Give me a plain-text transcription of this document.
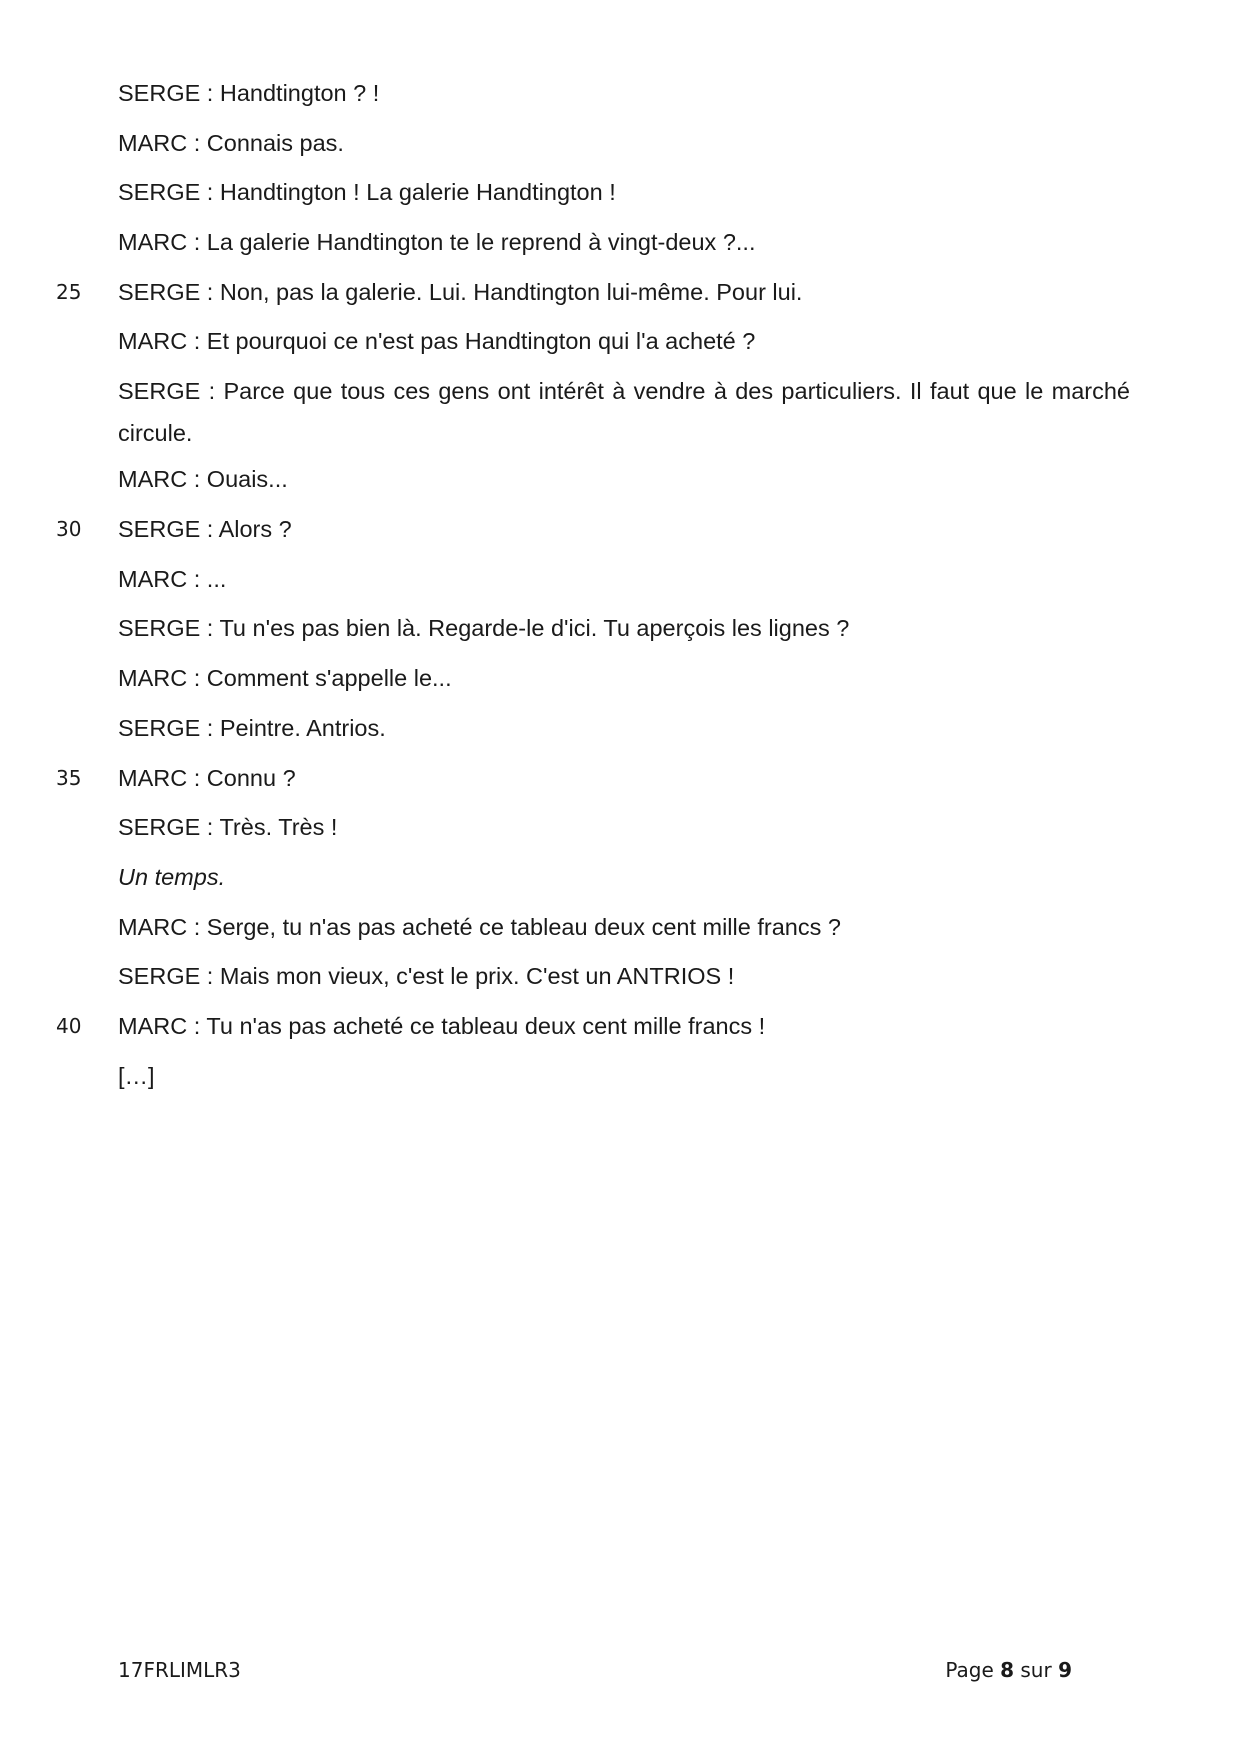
SERGE : Handtington ? !
MARC : Connais pas.
SERGE : Handtington ! La galerie Handtington !
MARC : La galerie Handtington te le reprend à vingt-deux ?...
25 SERGE : Non, pas la galerie. Lui. Handtington lui-même. Pour lui.
MARC : Et pourquoi ce n'est pas Handtington qui l'a acheté ?
SERGE : Parce que tous ces gens ont intérêt à vendre à des particuliers. Il faut que le marché circule.
MARC : Ouais...
30 SERGE : Alors ?
MARC : ...
SERGE : Tu n'es pas bien là. Regarde-le d'ici. Tu aperçois les lignes ?
MARC : Comment s'appelle le...
SERGE : Peintre. Antrios.
35 MARC : Connu ?
SERGE : Très. Très !
Un temps.
MARC : Serge, tu n'as pas acheté ce tableau deux cent mille francs ?
SERGE : Mais mon vieux, c'est le prix. C'est un ANTRIOS !
40 MARC : Tu n'as pas acheté ce tableau deux cent mille francs !
[…]
17FRLIMLR3	Page 8 sur 9
